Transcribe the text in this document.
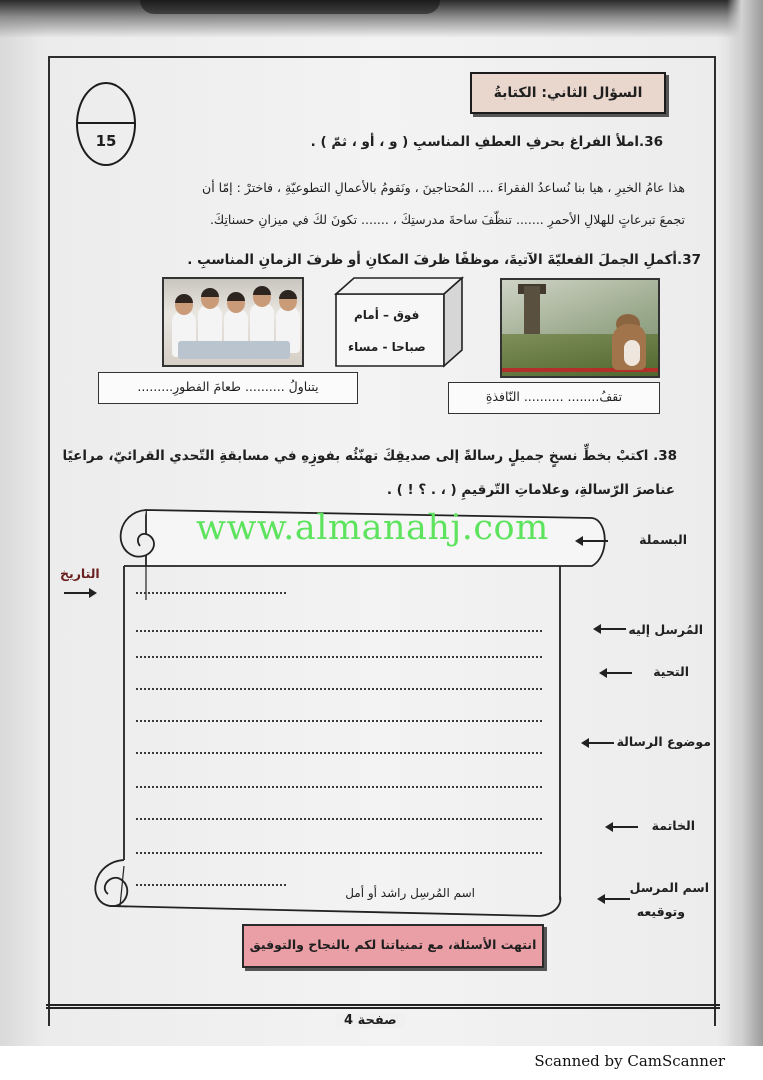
15
السؤال الثاني: الكتابةُ
36.املأ الفراغ بحرفِ العطفِ المناسبِ ( و ، أو ، ثمّ ) .
هذا عامُ الخيرِ ، هيا بنا نُساعدُ الفقراءَ .... المُحتاجينَ ، ونَقومُ بالأعمالِ التطوعيّةِ ، فاخترْ : إمّا أن
تجمعَ تبرعاتٍ للهلالِ الأحمرِ ....... تنظّفَ ساحةَ مدرستِكَ ، ....... تكونَ لكَ في ميزانِ حسناتِكَ.
37.أكملِ الجملَ الفعليّةَ الآتيةَ، موظفًا ظرفَ المكانِ أو ظرفَ الزمانِ المناسبِ .
فوق – أمام
صباحا - مساء
يتناولُ .......... طعامَ الفطورِ.........
تقفُ........ .......... النّافذةِ
38. اكتبْ بخطِّ نسخٍ جميلٍ رسالةً إلى صديقِكَ تهنّئُه بفوزِهِ في مسابقةِ التّحدي القرائيّ، مراعيًا
عناصرَ الرّسالةِ، وعلاماتِ التّرقيمِ ( ، . ؟ ! ) .
www.almanahj.com
اسم المُرسِل راشد أو أمل
البسملة
المُرسل إليه
التحية
موضوع الرسالة
الخاتمة
اسم المرسل
وتوقيعه
التاريخ
انتهت الأسئلة، مع تمنياتنا لكم بالنجاح والتوفيق
صفحة 4
Scanned by CamScanner
